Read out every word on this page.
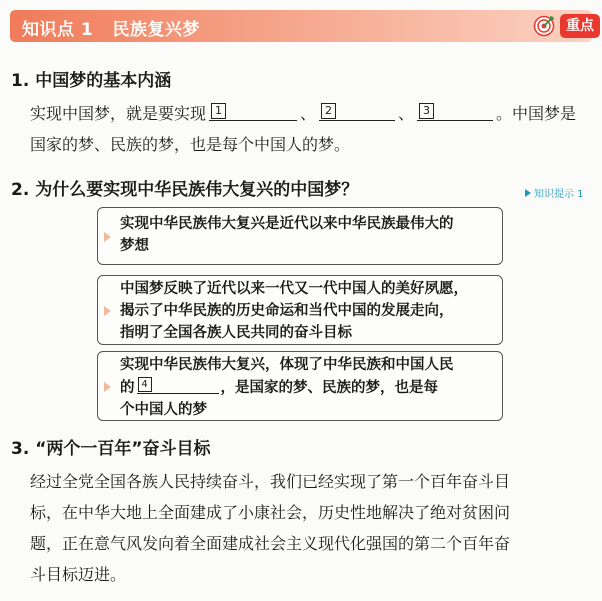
知识点 1   民族复兴梦	重点
1. 中国梦的基本内涵
实现中国梦，就是要实现 1	、 2	、 3	。中国梦是
国家的梦、民族的梦，也是每个中国人的梦。
2. 为什么要实现中华民族伟大复兴的中国梦？	知识提示 1
实现中华民族伟大复兴是近代以来中华民族最伟大的
梦想
中国梦反映了近代以来一代又一代中国人的美好夙愿，
揭示了中华民族的历史命运和当代中国的发展走向，
指明了全国各族人民共同的奋斗目标
实现中华民族伟大复兴，体现了中华民族和中国人民
的 4	，是国家的梦、民族的梦，也是每
个中国人的梦
3. “两个一百年”奋斗目标
经过全党全国各族人民持续奋斗，我们已经实现了第一个百年奋斗目
标，在中华大地上全面建成了小康社会，历史性地解决了绝对贫困问
题，正在意气风发向着全面建成社会主义现代化强国的第二个百年奋
斗目标迈进。
